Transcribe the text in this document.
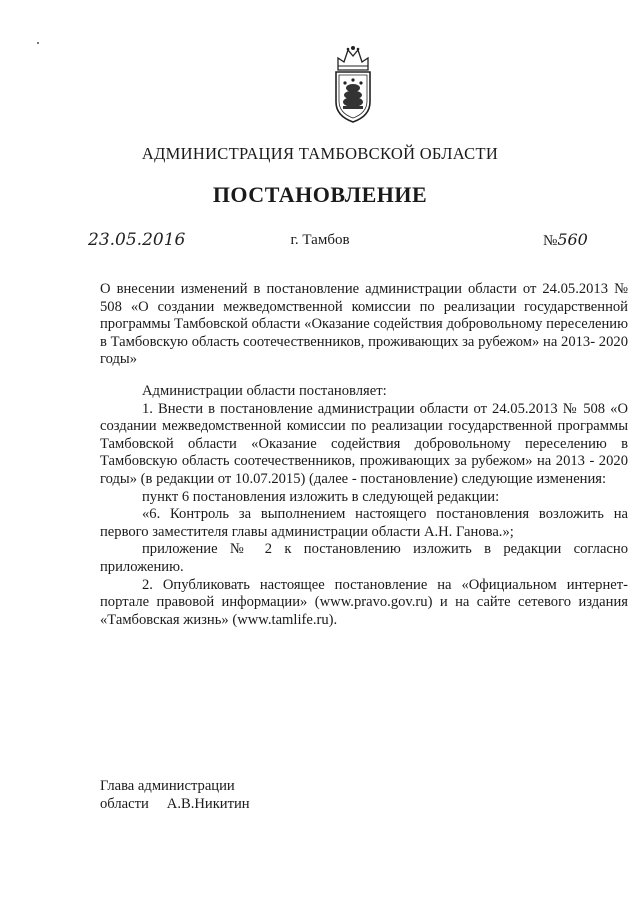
АДМИНИСТРАЦИЯ ТАМБОВСКОЙ ОБЛАСТИ
ПОСТАНОВЛЕНИЕ
23.05.2016	г. Тамбов	№560

О внесении изменений в постановление администрации области от 24.05.2013 № 508 «О создании межведомственной комиссии по реализации государственной программы Тамбовской области «Оказание содействия добровольному переселению в Тамбовскую область соотечественников, проживающих за рубежом» на 2013- 2020 годы»

Администрации области постановляет:

1. Внести в постановление администрации области от 24.05.2013 № 508 «О создании межведомственной комиссии по реализации государственной программы Тамбовской области «Оказание содействия добровольному переселению в Тамбовскую область соотечественников, проживающих за рубежом» на 2013 - 2020 годы» (в редакции от 10.07.2015) (далее - постановление) следующие изменения:

пункт 6 постановления изложить в следующей редакции:

«6. Контроль за выполнением настоящего постановления возложить на первого заместителя главы администрации области А.Н. Ганова.»;

приложение № 2 к постановлению изложить в редакции согласно приложению.

2. Опубликовать настоящее постановление на «Официальном интернет-портале правовой информации» (www.pravo.gov.ru) и на сайте сетевого издания «Тамбовская жизнь» (www.tamlife.ru).

Глава администрации
области А.В.Никитин
